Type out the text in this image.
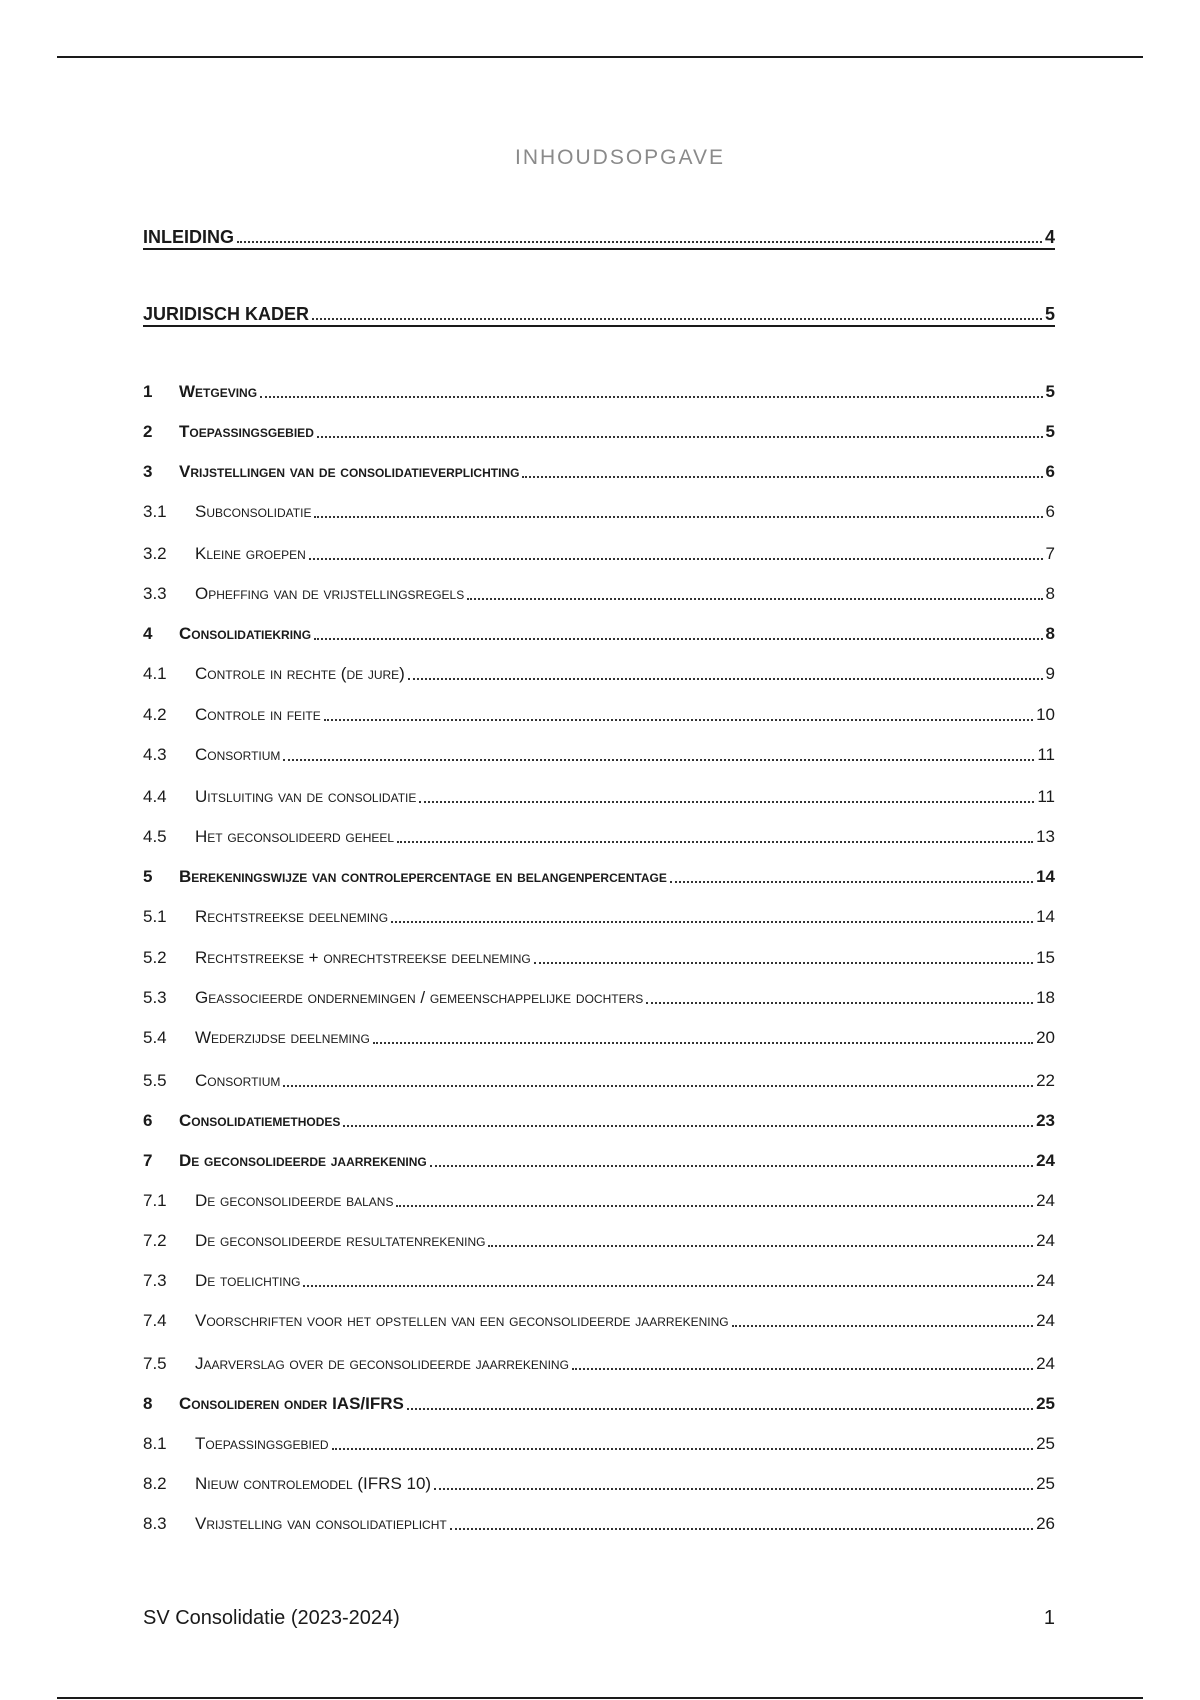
INHOUDSOPGAVE
INLEIDING	4
JURIDISCH KADER	5
1	Wetgeving	5
2	Toepassingsgebied	5
3	Vrijstellingen van de consolidatieverplichting	6
3.1	Subconsolidatie	6
3.2	Kleine groepen	7
3.3	Opheffing van de vrijstellingsregels	8
4	Consolidatiekring	8
4.1	Controle in rechte (de jure)	9
4.2	Controle in feite	10
4.3	Consortium	11
4.4	Uitsluiting van de consolidatie	11
4.5	Het geconsolideerd geheel	13
5	Berekeningswijze van controlepercentage en belangenpercentage	14
5.1	Rechtstreekse deelneming	14
5.2	Rechtstreekse + onrechtstreekse deelneming	15
5.3	Geassocieerde ondernemingen / gemeenschappelijke dochters	18
5.4	Wederzijdse deelneming	20
5.5	Consortium	22
6	Consolidatiemethodes	23
7	De geconsolideerde jaarrekening	24
7.1	De geconsolideerde balans	24
7.2	De geconsolideerde resultatenrekening	24
7.3	De toelichting	24
7.4	Voorschriften voor het opstellen van een geconsolideerde jaarrekening	24
7.5	Jaarverslag over de geconsolideerde jaarrekening	24
8	Consolideren onder IAS/IFRS	25
8.1	Toepassingsgebied	25
8.2	Nieuw controlemodel (IFRS 10)	25
8.3	Vrijstelling van consolidatieplicht	26
SV Consolidatie (2023-2024)	1
